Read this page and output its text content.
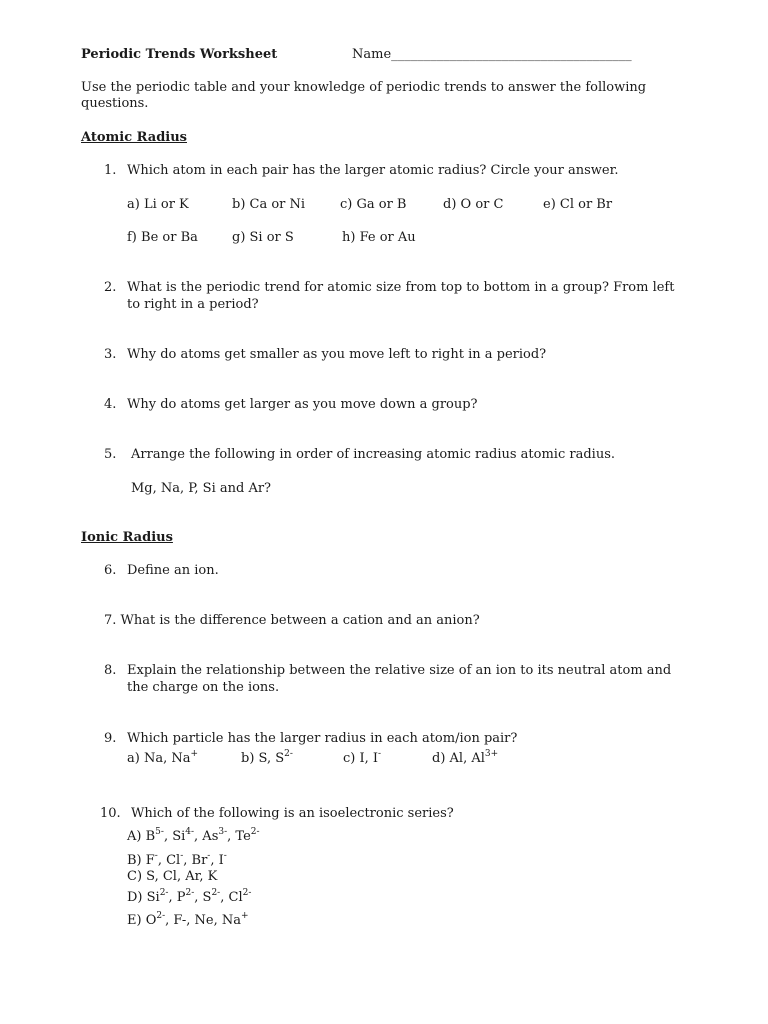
Periodic Trends Worksheet	Name_____________________________________
Use the periodic table and your knowledge of periodic trends to answer the following questions.
Atomic Radius
1. Which atom in each pair has the larger atomic radius? Circle your answer.
a) Li or K	b) Ca or Ni	c) Ga or B	d) O or C	e) Cl or Br
f) Be or Ba	g) Si or S	h) Fe or Au
2. What is the periodic trend for atomic size from top to bottom in a group? From left
to right in a period?
3. Why do atoms get smaller as you move left to right in a period?
4. Why do atoms get larger as you move down a group?
5. Arrange the following in order of increasing atomic radius atomic radius.
Mg, Na, P, Si and Ar?
Ionic Radius
6. Define an ion.
7. What is the difference between a cation and an anion?
8. Explain the relationship between the relative size of an ion to its neutral atom and
the charge on the ions.
9. Which particle has the larger radius in each atom/ion pair?
a) Na, Na+	b) S, $S^{2-}$	c) I, I-	d) Al, $Al^{3+}$
10. Which of the following is an isoelectronic series?
A) $B^{5-}$, $Si^{4-}$, $As^{3-}$, $Te^{2-}$
B) F-, Cl-, Br-, I-
C) S, Cl, Ar, K
D) $Si^{2-}$, $P^{2-}$, $S^{2-}$, $Cl^{2-}$
E) $O^{2-}$, F-, Ne, Na+
